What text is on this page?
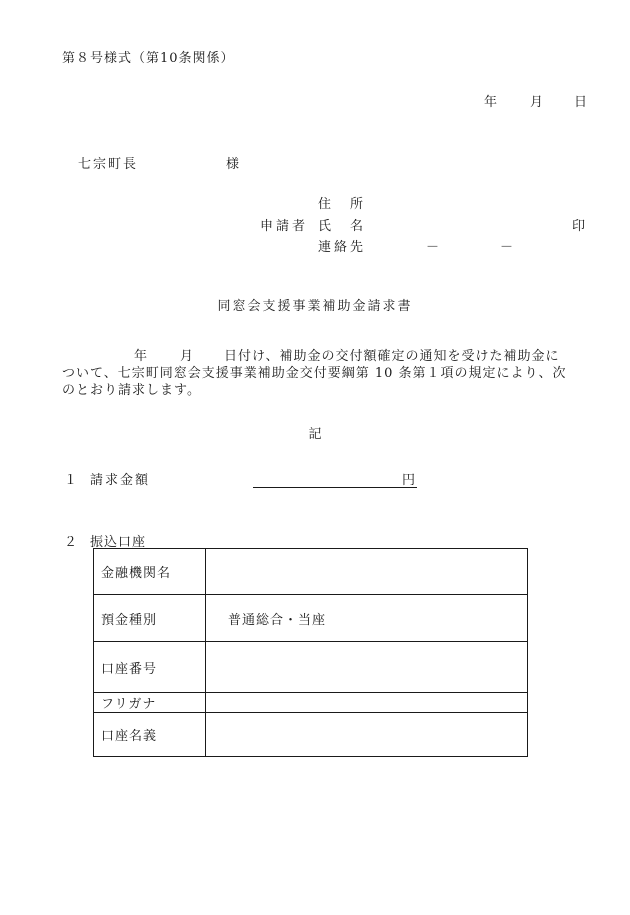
第８号様式（第10条関係）
年	月 日
七宗町長	様
住　所
申請者 氏　名	印
連絡先	－	－
同窓会支援事業補助金請求書
年 月 日付け、補助金の交付額確定の通知を受けた補助金に
ついて、七宗町同窓会支援事業補助金交付要綱第 10 条第１項の規定により、次
のとおり請求します。
記
１ 請求金額	円
２ 振込口座
金融機関名	
預金種別	普通総合・当座
口座番号	
フリガナ	
口座名義	
